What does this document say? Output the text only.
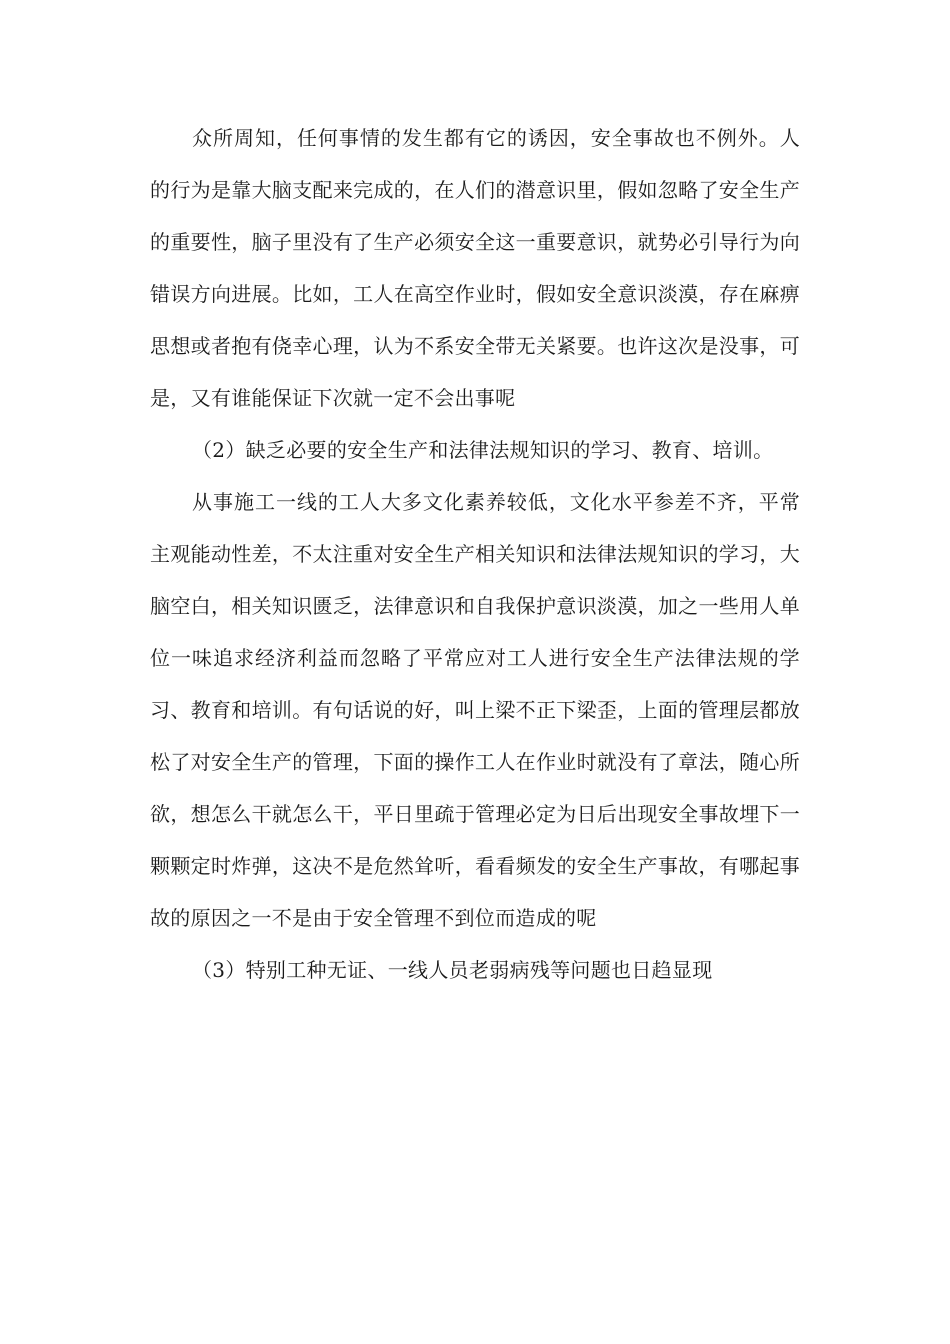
众所周知，任何事情的发生都有它的诱因，安全事故也不例外。人的行为是靠大脑支配来完成的，在人们的潜意识里，假如忽略了安全生产的重要性，脑子里没有了生产必须安全这一重要意识，就势必引导行为向错误方向进展。比如，工人在高空作业时，假如安全意识淡漠，存在麻痹思想或者抱有侥幸心理，认为不系安全带无关紧要。也许这次是没事，可是，又有谁能保证下次就一定不会出事呢

（2）缺乏必要的安全生产和法律法规知识的学习、教育、培训。

从事施工一线的工人大多文化素养较低，文化水平参差不齐，平常主观能动性差，不太注重对安全生产相关知识和法律法规知识的学习，大脑空白，相关知识匮乏，法律意识和自我保护意识淡漠，加之一些用人单位一味追求经济利益而忽略了平常应对工人进行安全生产法律法规的学习、教育和培训。有句话说的好，叫上梁不正下梁歪，上面的管理层都放松了对安全生产的管理，下面的操作工人在作业时就没有了章法，随心所欲，想怎么干就怎么干，平日里疏于管理必定为日后出现安全事故埋下一颗颗定时炸弹，这决不是危然耸听，看看频发的安全生产事故，有哪起事故的原因之一不是由于安全管理不到位而造成的呢

（3）特别工种无证、一线人员老弱病残等问题也日趋显现
